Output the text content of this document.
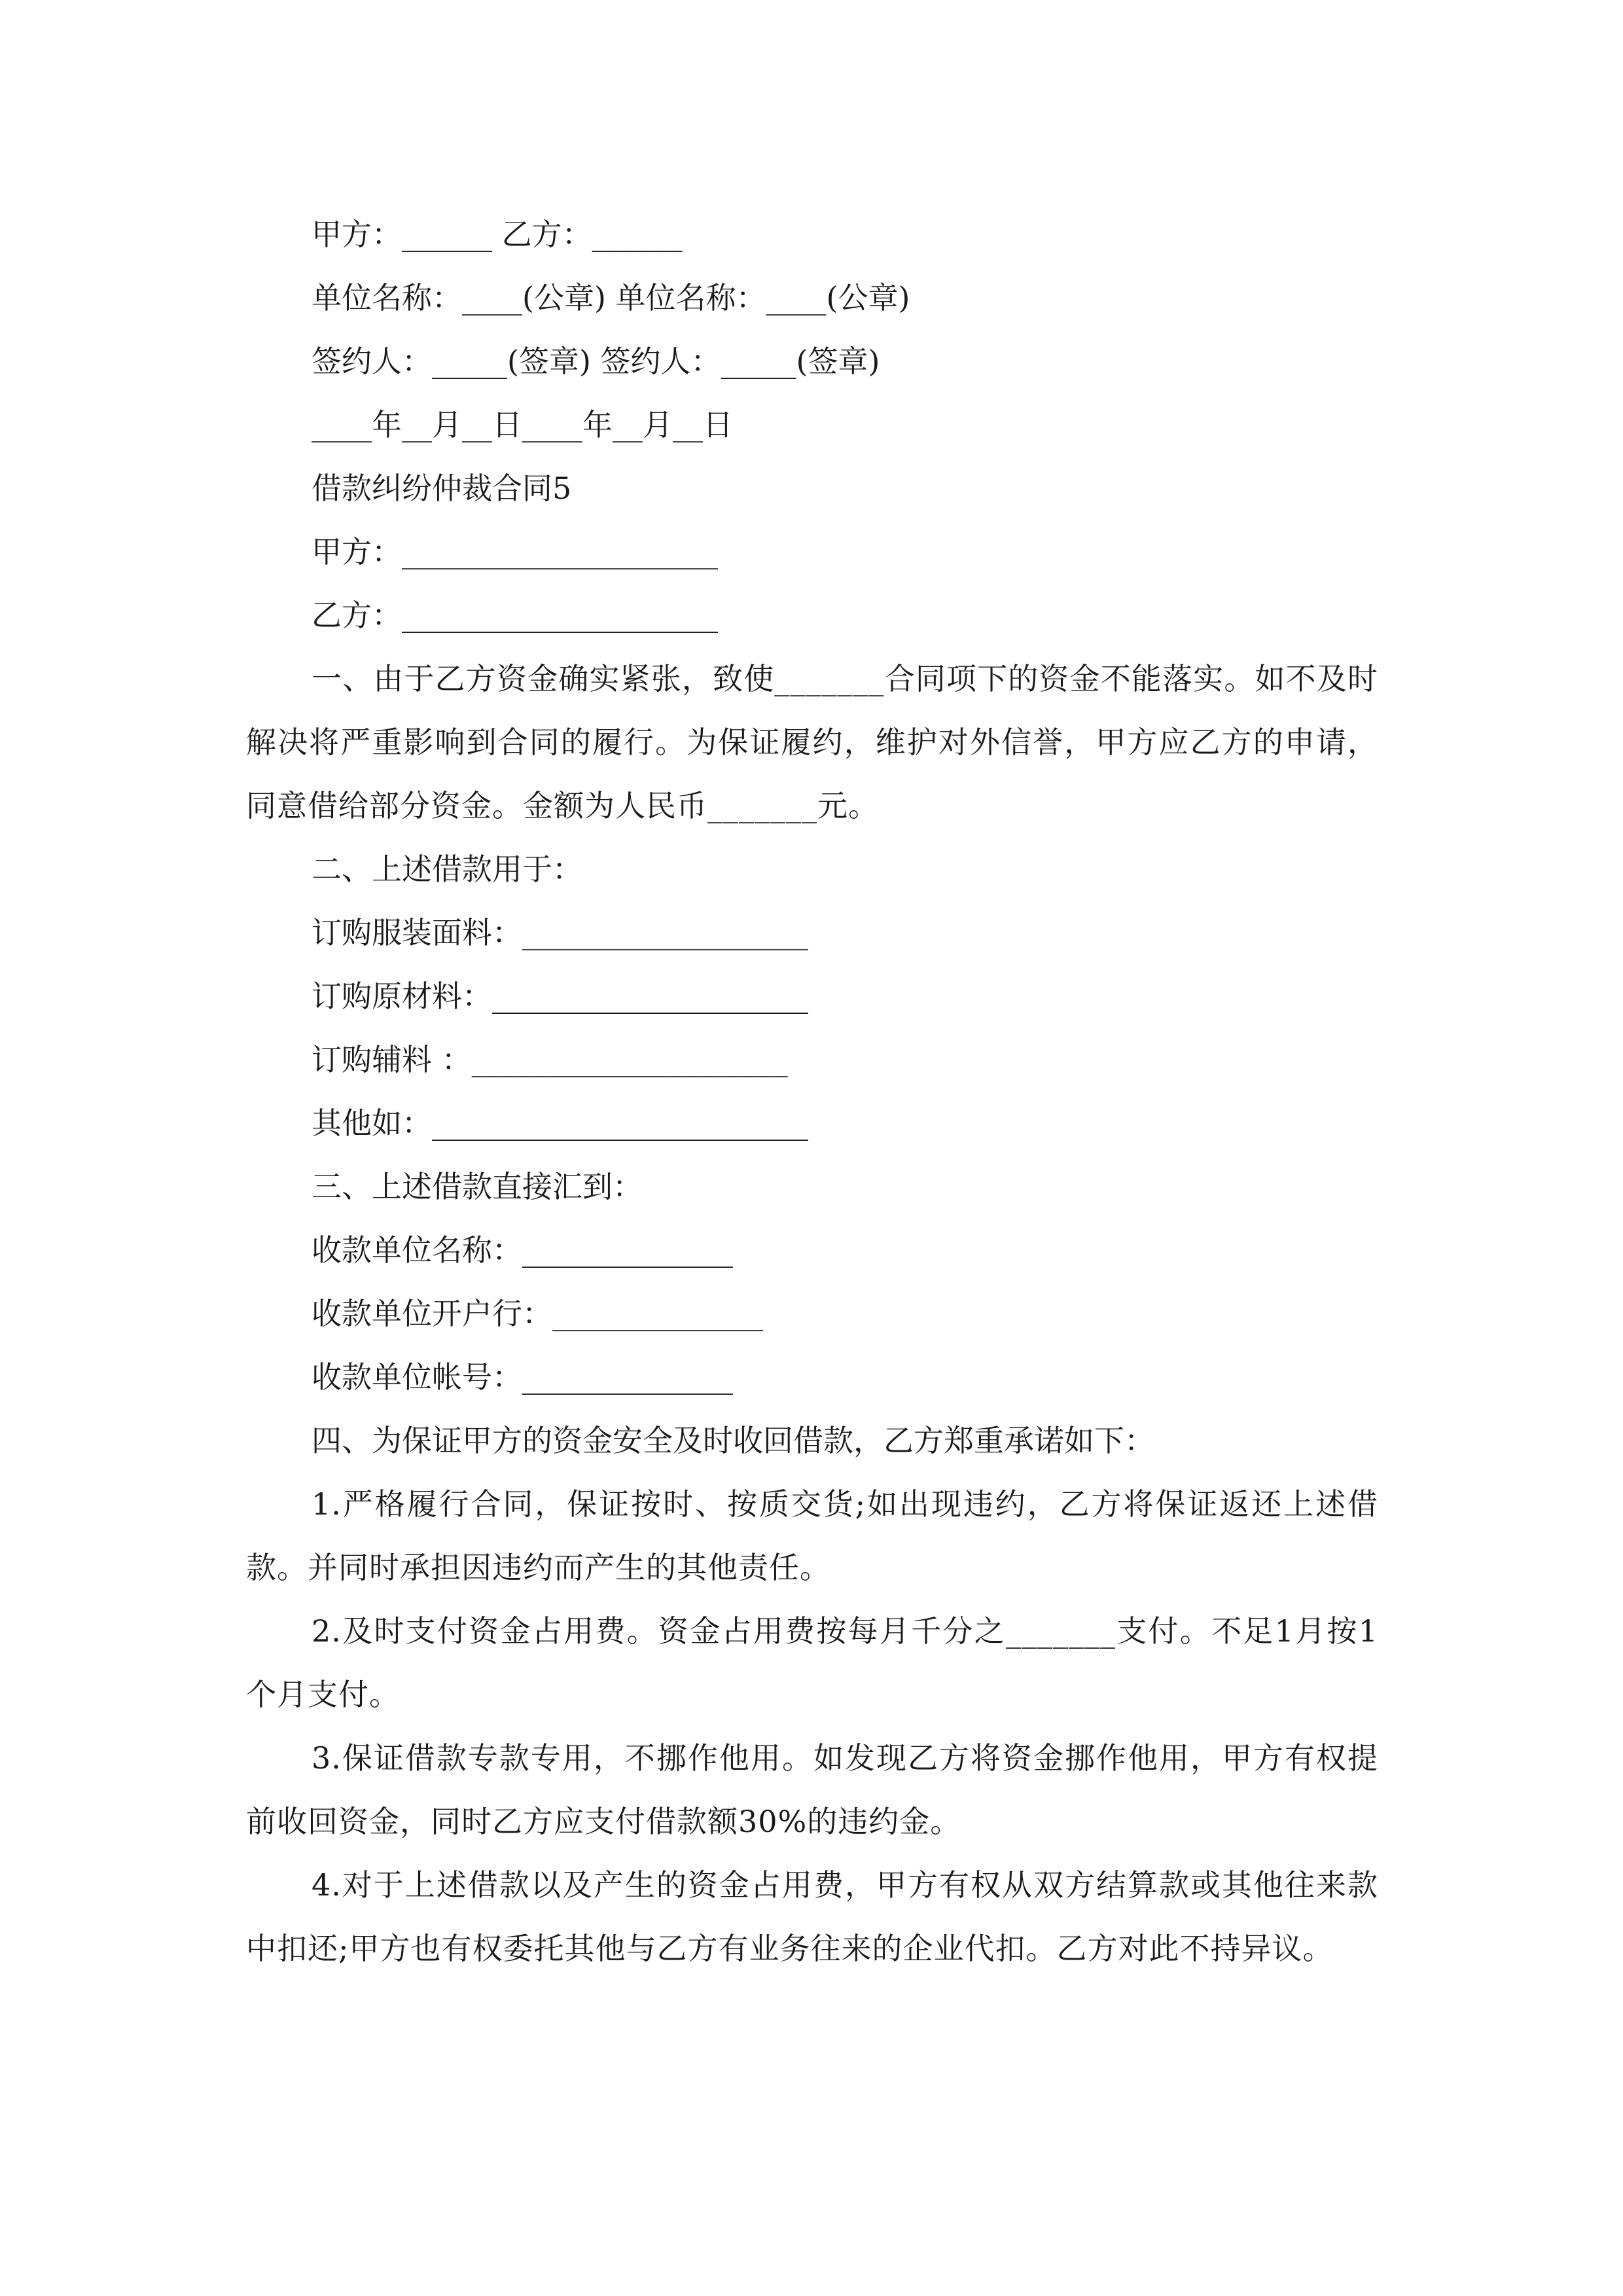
甲方：______ 乙方：______
单位名称：____(公章) 单位名称：____(公章)
签约人：_____(签章) 签约人：_____(签章)
____年__月__日____年__月__日
借款纠纷仲裁合同5
甲方：_____________________
乙方：_____________________
一、由于乙方资金确实紧张，致使_______合同项下的资金不能落实。如不及时解决将严重影响到合同的履行。为保证履约，维护对外信誉，甲方应乙方的申请，同意借给部分资金。金额为人民币_______元。
二、上述借款用于：
订购服装面料：___________________
订购原材料：_____________________
订购辅料 ：_____________________
其他如：_________________________
三、上述借款直接汇到：
收款单位名称：______________
收款单位开户行：______________
收款单位帐号：______________
四、为保证甲方的资金安全及时收回借款，乙方郑重承诺如下：
1.严格履行合同，保证按时、按质交货;如出现违约，乙方将保证返还上述借款。并同时承担因违约而产生的其他责任。
2.及时支付资金占用费。资金占用费按每月千分之_______支付。不足1月按1个月支付。
3.保证借款专款专用，不挪作他用。如发现乙方将资金挪作他用，甲方有权提前收回资金，同时乙方应支付借款额30%的违约金。
4.对于上述借款以及产生的资金占用费，甲方有权从双方结算款或其他往来款中扣还;甲方也有权委托其他与乙方有业务往来的企业代扣。乙方对此不持异议。
